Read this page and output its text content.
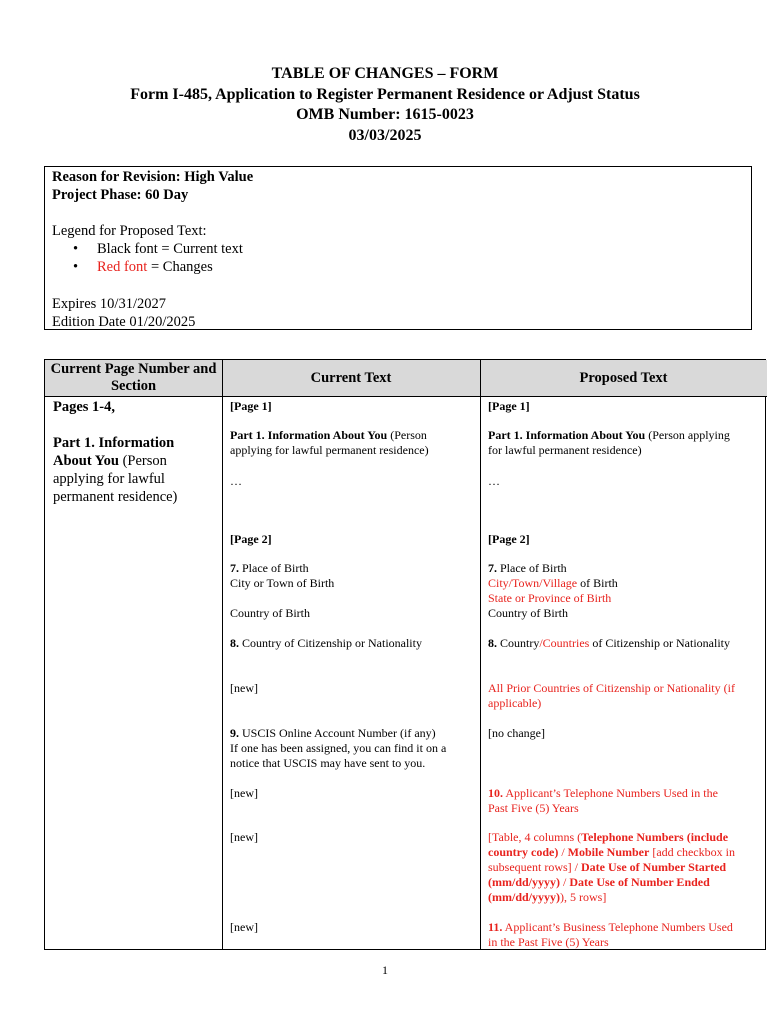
TABLE OF CHANGES – FORM
Form I-485, Application to Register Permanent Residence or Adjust Status
OMB Number: 1615-0023
03/03/2025
Reason for Revision: High Value
Project Phase: 60 Day
Legend for Proposed Text:
• Black font = Current text
• Red font = Changes
Expires 10/31/2027
Edition Date 01/20/2025
Current Page Number and Section
Current Text	Proposed Text
Pages 1-4,
Part 1. Information About You (Person applying for lawful permanent residence)
[Page 1]
Part 1. Information About You (Person applying for lawful permanent residence)
…
[Page 2]
7. Place of Birth
City or Town of Birth
Country of Birth
8. Country of Citizenship or Nationality
[new]
9. USCIS Online Account Number (if any)
If one has been assigned, you can find it on a notice that USCIS may have sent to you.
[new]
[new]
[new]
[Page 1]
Part 1. Information About You (Person applying for lawful permanent residence)
…
[Page 2]
7. Place of Birth
City/Town/Village of Birth
State or Province of Birth
Country of Birth
8. Country/Countries of Citizenship or Nationality
All Prior Countries of Citizenship or Nationality (if applicable)
[no change]
10. Applicant’s Telephone Numbers Used in the Past Five (5) Years
[Table, 4 columns (Telephone Numbers (include country code) / Mobile Number [add checkbox in subsequent rows] / Date Use of Number Started (mm/dd/yyyy) / Date Use of Number Ended (mm/dd/yyyy)), 5 rows]
11. Applicant’s Business Telephone Numbers Used in the Past Five (5) Years
1
